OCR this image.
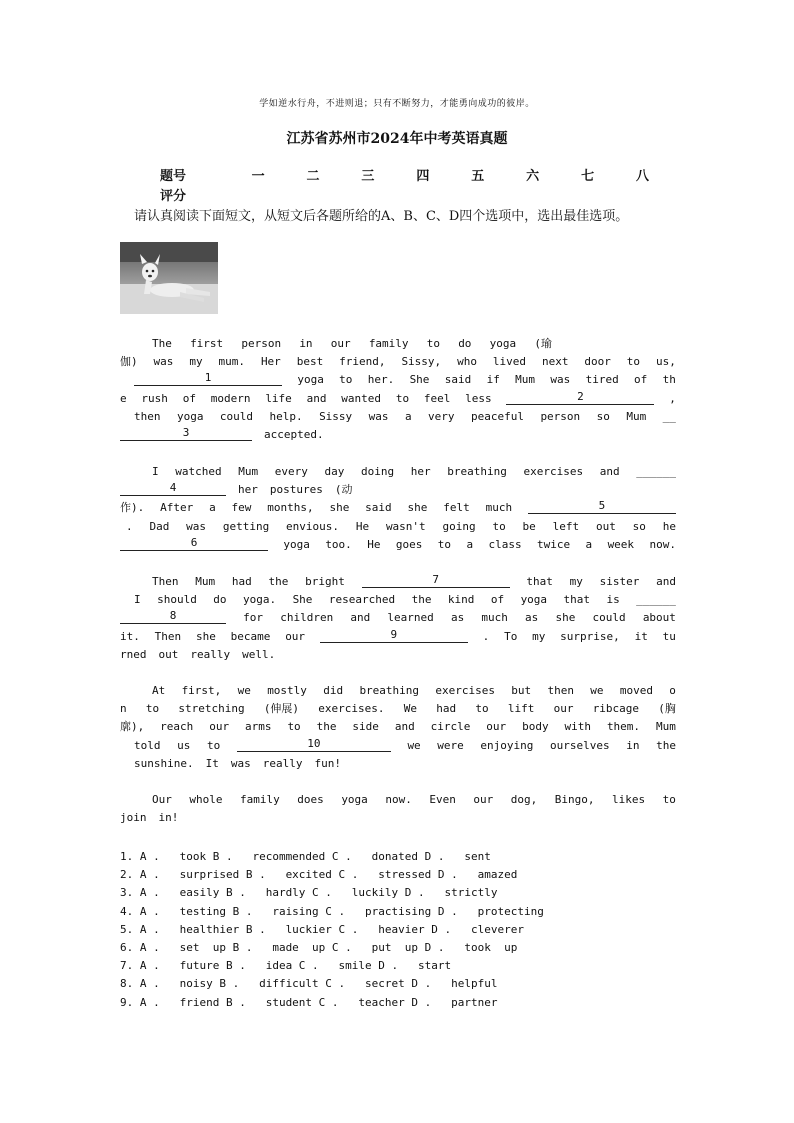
学如逆水行舟，不进则退；只有不断努力，才能勇向成功的彼岸。
江苏省苏州市2024年中考英语真题
题号	一	二	三	四	五	六	七	八
评分
请认真阅读下面短文，从短文后各题所给的A、B、C、D四个选项中，选出最佳选项。
The first person in our family to do yoga (瑜
伽) was my mum. Her best friend, Sissy, who lived next door to us,
1	yoga to her. She said if Mum was tired of th
e rush of modern life and wanted to feel less	2	,
then yoga could help. Sissy was a very peaceful person so Mum __
3	accepted.
I watched Mum every day doing her breathing exercises and ______
4	her postures (动
作). After a few months, she said she felt much	5
. Dad was getting envious. He wasn't going to be left out so he
6	yoga too. He goes to a class twice a week now.
Then Mum had the bright	7	that my sister and
I should do yoga. She researched the kind of yoga that is ______
8	for children and learned as much as she could about
it. Then she became our	9	. To my surprise, it tu
rned out really well.
At first, we mostly did breathing exercises but then we moved o
n to stretching (伸展) exercises. We had to lift our ribcage (胸
廓), reach our arms to the side and circle our body with them. Mum
told us to	10	we were enjoying ourselves in the
sunshine. It was really fun!
Our whole family does yoga now. Even our dog, Bingo, likes to
join in!
1. A .   took B .   recommended C .   donated D .   sent
2. A .   surprised B .   excited C .   stressed D .   amazed
3. A .   easily B .   hardly C .   luckily D .   strictly
4. A .   testing B .   raising C .   practising D .   protecting
5. A .   healthier B .   luckier C .   heavier D .   cleverer
6. A .   set  up B .   made  up C .   put  up D .   took  up
7. A .   future B .   idea C .   smile D .   start
8. A .   noisy B .   difficult C .   secret D .   helpful
9. A .   friend B .   student C .   teacher D .   partner
